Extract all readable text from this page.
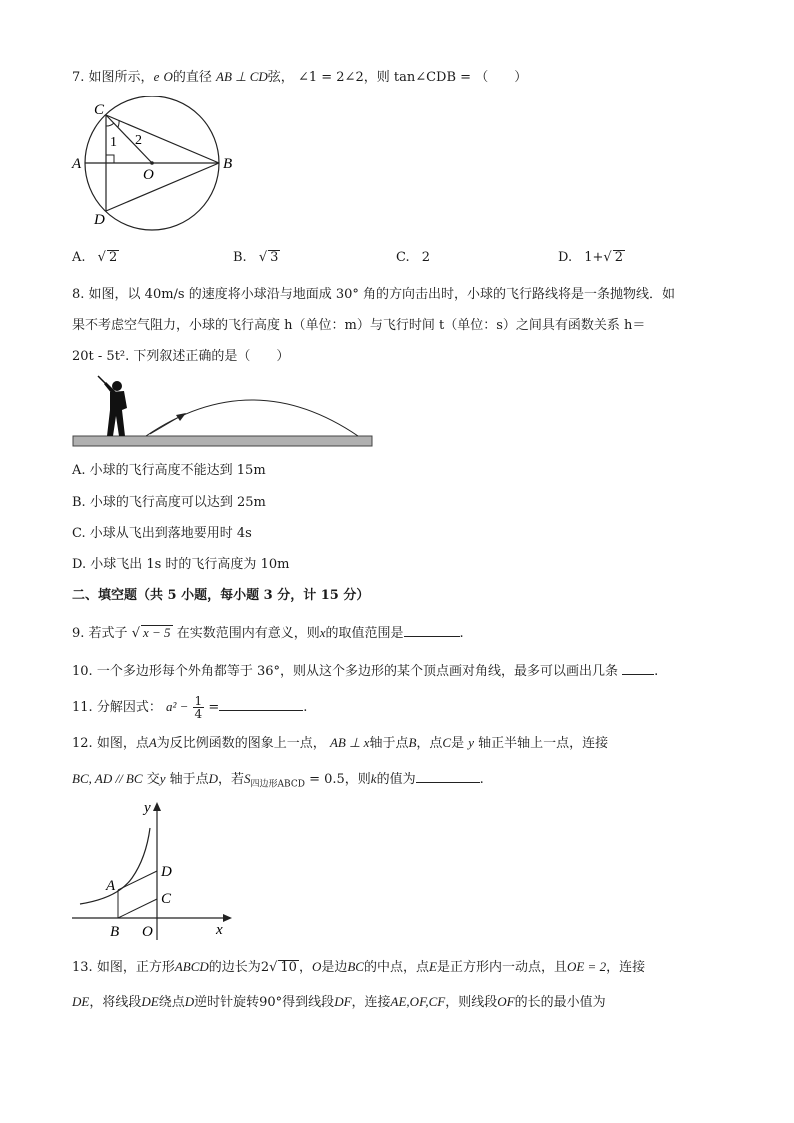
7. 如图所示，e O的直径 AB ⊥ CD弦， ∠1 = 2∠2，则 tan∠CDB = （　　）
C
A
O
B
D
1 2
A. √ 2	B. √ 3	C. 2	D. 1+√ 2
8. 如图，以 40m/s 的速度将小球沿与地面成 30° 角的方向击出时，小球的飞行路线将是一条抛物线．如
果不考虑空气阻力，小球的飞行高度 h（单位：m）与飞行时间 t（单位：s）之间具有函数关系 h＝
20t - 5t². 下列叙述正确的是（　　）
A. 小球的飞行高度不能达到 15m
B. 小球的飞行高度可以达到 25m
C. 小球从飞出到落地要用时 4s
D. 小球飞出 1s 时的飞行高度为 10m
二、填空题（共 5 小题，每小题 3 分，计 15 分）
9. 若式子 √ x − 5 在实数范围内有意义，则x的取值范围是	.
10. 一个多边形每个外角都等于 36°，则从这个多边形的某个顶点画对角线，最多可以画出几条	.
11. 分解因式： $a^2 - \frac{1}{4}$ =	.
12. 如图，点A为反比例函数的图象上一点， AB ⊥ x轴于点B，点C是 y 轴正半轴上一点，连接
BC, AD // BC 交y 轴于点D，若$S_{四边形ABCD} = 0.5$，则k的值为	.
y
x
D
A
C
B O
13. 如图，正方形ABCD的边长为2√ 10 ，O是边BC的中点，点E是正方形内一动点，且OE = 2，连接
DE，将线段DE绕点D逆时针旋转90°得到线段DF，连接AE,OF,CF，则线段OF的长的最小值为
